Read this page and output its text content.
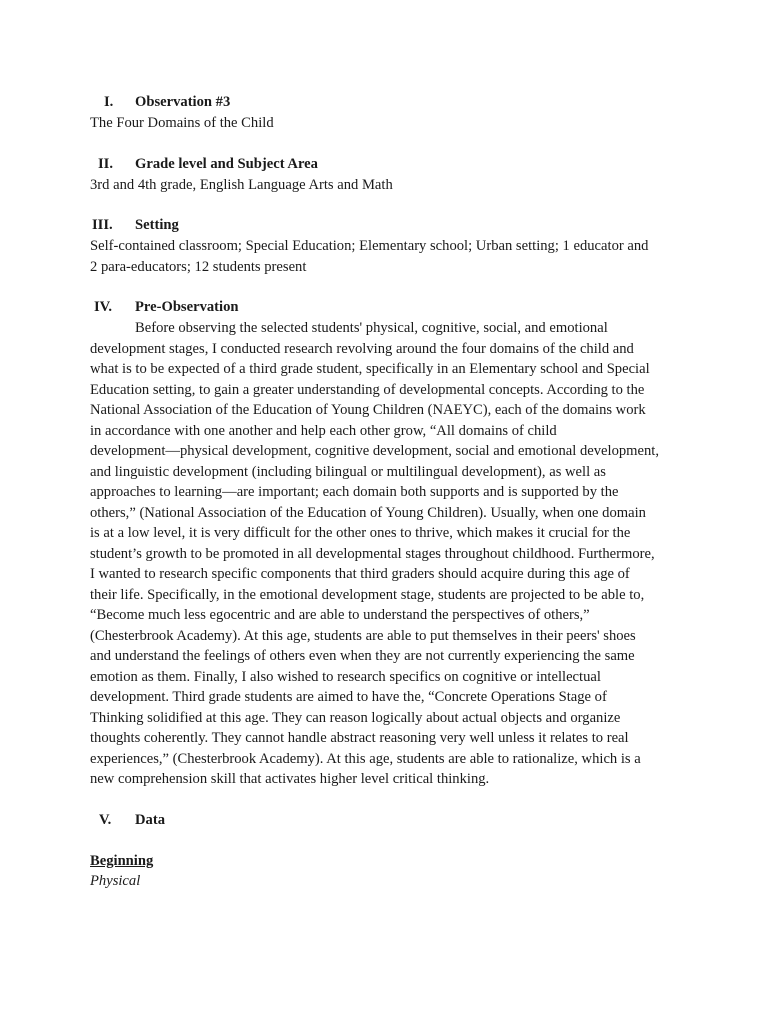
I. Observation #3
The Four Domains of the Child
II. Grade level and Subject Area
3rd and 4th grade, English Language Arts and Math
III. Setting
Self-contained classroom; Special Education; Elementary school; Urban setting; 1 educator and
2 para-educators; 12 students present
IV. Pre-Observation
Before observing the selected students' physical, cognitive, social, and emotional
development stages, I conducted research revolving around the four domains of the child and
what is to be expected of a third grade student, specifically in an Elementary school and Special
Education setting, to gain a greater understanding of developmental concepts. According to the
National Association of the Education of Young Children (NAEYC), each of the domains work
in accordance with one another and help each other grow, “All domains of child
development—physical development, cognitive development, social and emotional development,
and linguistic development (including bilingual or multilingual development), as well as
approaches to learning—are important; each domain both supports and is supported by the
others,” (National Association of the Education of Young Children). Usually, when one domain
is at a low level, it is very difficult for the other ones to thrive, which makes it crucial for the
student’s growth to be promoted in all developmental stages throughout childhood. Furthermore,
I wanted to research specific components that third graders should acquire during this age of
their life. Specifically, in the emotional development stage, students are projected to be able to,
“Become much less egocentric and are able to understand the perspectives of others,”
(Chesterbrook Academy). At this age, students are able to put themselves in their peers' shoes
and understand the feelings of others even when they are not currently experiencing the same
emotion as them. Finally, I also wished to research specifics on cognitive or intellectual
development. Third grade students are aimed to have the, “Concrete Operations Stage of
Thinking solidified at this age. They can reason logically about actual objects and organize
thoughts coherently. They cannot handle abstract reasoning very well unless it relates to real
experiences,” (Chesterbrook Academy). At this age, students are able to rationalize, which is a
new comprehension skill that activates higher level critical thinking.
V. Data
Beginning
Physical
